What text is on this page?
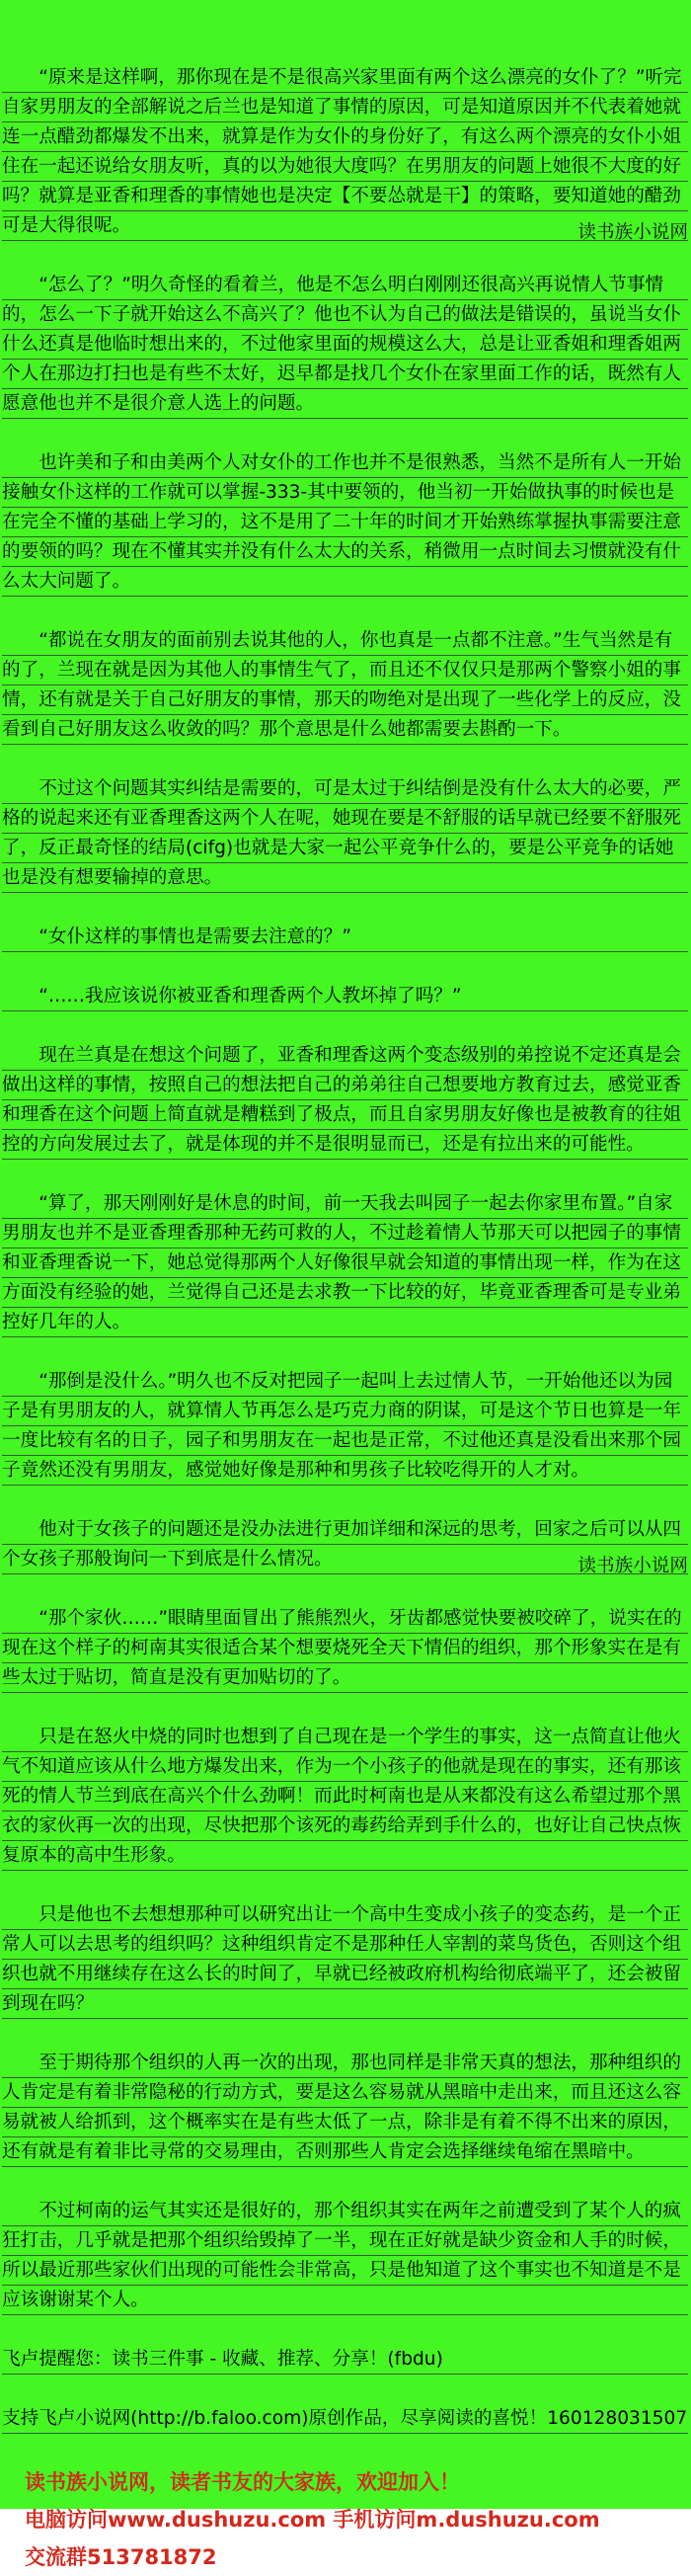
“原来是这样啊，那你现在是不是很高兴家里面有两个这么漂亮的女仆了？”听完自家男朋友的全部解说之后兰也是知道了事情的原因，可是知道原因并不代表着她就连一点醋劲都爆发不出来，就算是作为女仆的身份好了，有这么两个漂亮的女仆小姐住在一起还说给女朋友听，真的以为她很大度吗？在男朋友的问题上她很不大度的好吗？就算是亚香和理香的事情她也是决定【不要怂就是干】的策略，要知道她的醋劲可是大得很呢。	读书族小说网

“怎么了？”明久奇怪的看着兰，他是不怎么明白刚刚还很高兴再说情人节事情的，怎么一下子就开始这么不高兴了？他也不认为自己的做法是错误的，虽说当女仆什么还真是他临时想出来的，不过他家里面的规模这么大，总是让亚香姐和理香姐两个人在那边打扫也是有些不太好，迟早都是找几个女仆在家里面工作的话，既然有人愿意他也并不是很介意人选上的问题。

也许美和子和由美两个人对女仆的工作也并不是很熟悉，当然不是所有人一开始接触女仆这样的工作就可以掌握-333-其中要领的，他当初一开始做执事的时候也是在完全不懂的基础上学习的，这不是用了二十年的时间才开始熟练掌握执事需要注意的要领的吗？现在不懂其实并没有什么太大的关系，稍微用一点时间去习惯就没有什么太大问题了。

“都说在女朋友的面前别去说其他的人，你也真是一点都不注意。”生气当然是有的了，兰现在就是因为其他人的事情生气了，而且还不仅仅只是那两个警察小姐的事情，还有就是关于自己好朋友的事情，那天的吻绝对是出现了一些化学上的反应，没看到自己好朋友这么收敛的吗？那个意思是什么她都需要去斟酌一下。

不过这个问题其实纠结是需要的，可是太过于纠结倒是没有什么太大的必要，严格的说起来还有亚香理香这两个人在呢，她现在要是不舒服的话早就已经要不舒服死了，反正最奇怪的结局(cifg)也就是大家一起公平竞争什么的，要是公平竞争的话她也是没有想要输掉的意思。

“女仆这样的事情也是需要去注意的？”

“……我应该说你被亚香和理香两个人教坏掉了吗？”

现在兰真是在想这个问题了，亚香和理香这两个变态级别的弟控说不定还真是会做出这样的事情，按照自己的想法把自己的弟弟往自己想要地方教育过去，感觉亚香和理香在这个问题上简直就是糟糕到了极点，而且自家男朋友好像也是被教育的往姐控的方向发展过去了，就是体现的并不是很明显而已，还是有拉出来的可能性。

“算了，那天刚刚好是休息的时间，前一天我去叫园子一起去你家里布置。”自家男朋友也并不是亚香理香那种无药可救的人，不过趁着情人节那天可以把园子的事情和亚香理香说一下，她总觉得那两个人好像很早就会知道的事情出现一样，作为在这方面没有经验的她，兰觉得自己还是去求教一下比较的好，毕竟亚香理香可是专业弟控好几年的人。

“那倒是没什么。”明久也不反对把园子一起叫上去过情人节，一开始他还以为园子是有男朋友的人，就算情人节再怎么是巧克力商的阴谋，可是这个节日也算是一年一度比较有名的日子，园子和男朋友在一起也是正常，不过他还真是没看出来那个园子竟然还没有男朋友，感觉她好像是那种和男孩子比较吃得开的人才对。

他对于女孩子的问题还是没办法进行更加详细和深远的思考，回家之后可以从四个女孩子那般询问一下到底是什么情况。	读书族小说网

“那个家伙……”眼睛里面冒出了熊熊烈火，牙齿都感觉快要被咬碎了，说实在的现在这个样子的柯南其实很适合某个想要烧死全天下情侣的组织，那个形象实在是有些太过于贴切，简直是没有更加贴切的了。

只是在怒火中烧的同时也想到了自己现在是一个学生的事实，这一点简直让他火气不知道应该从什么地方爆发出来，作为一个小孩子的他就是现在的事实，还有那该死的情人节兰到底在高兴个什么劲啊！而此时柯南也是从来都没有这么希望过那个黑衣的家伙再一次的出现，尽快把那个该死的毒药给弄到手什么的，也好让自己快点恢复原本的高中生形象。

只是他也不去想想那种可以研究出让一个高中生变成小孩子的变态药，是一个正常人可以去思考的组织吗？这种组织肯定不是那种任人宰割的菜鸟货色，否则这个组织也就不用继续存在这么长的时间了，早就已经被政府机构给彻底端平了，还会被留到现在吗？

至于期待那个组织的人再一次的出现，那也同样是非常天真的想法，那种组织的人肯定是有着非常隐秘的行动方式，要是这么容易就从黑暗中走出来，而且还这么容易就被人给抓到，这个概率实在是有些太低了一点，除非是有着不得不出来的原因，还有就是有着非比寻常的交易理由，否则那些人肯定会选择继续龟缩在黑暗中。

不过柯南的运气其实还是很好的，那个组织其实在两年之前遭受到了某个人的疯狂打击，几乎就是把那个组织给毁掉了一半，现在正好就是缺少资金和人手的时候，所以最近那些家伙们出现的可能性会非常高，只是他知道了这个事实也不知道是不是应该谢谢某个人。

飞卢提醒您：读书三件事 - 收藏、推荐、分享！(fbdu)

支持飞卢小说网(http://b.faloo.com)原创作品，尽享阅读的喜悦！160128031507

读书族小说网，读者书友的大家族，欢迎加入！
电脑访问www.dushuzu.com 手机访问m.dushuzu.com
交流群513781872
